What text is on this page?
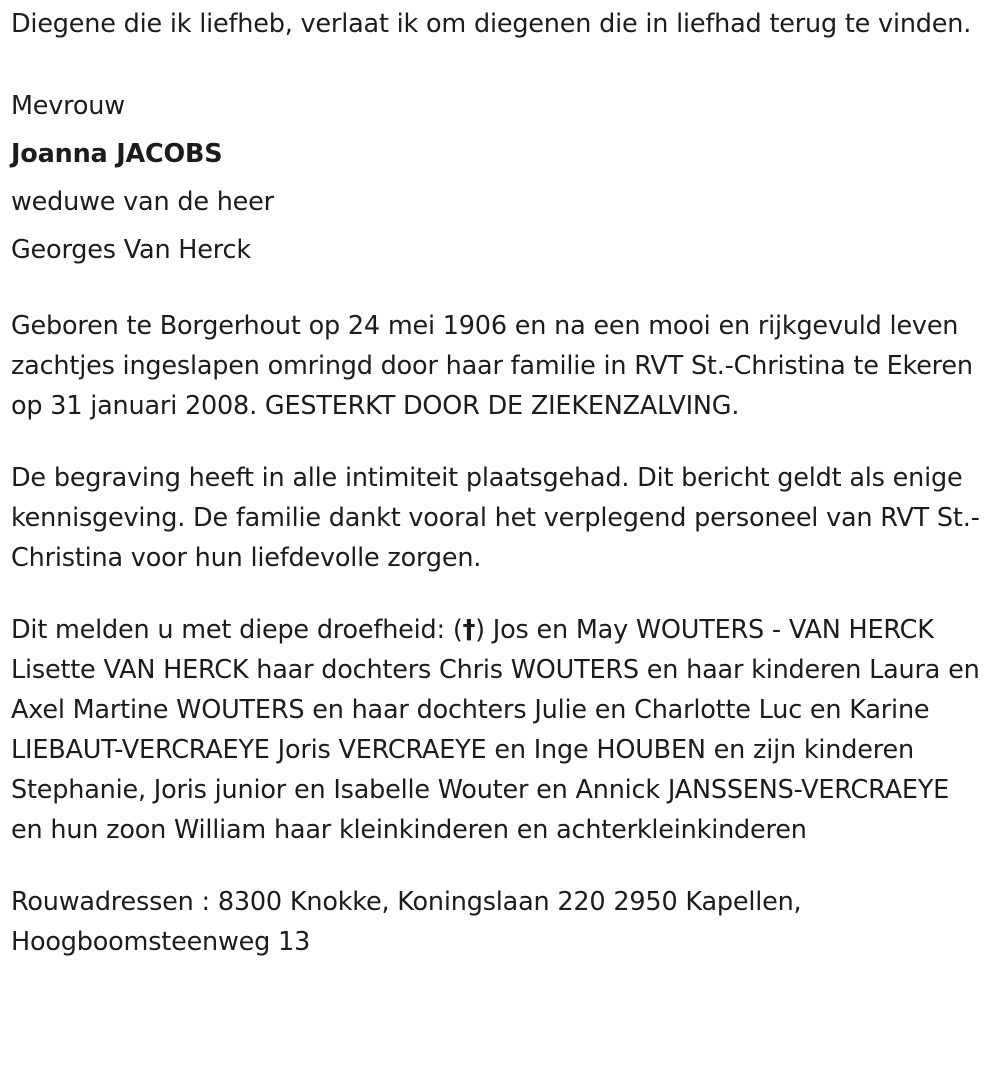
Diegene die ik liefheb, verlaat ik om diegenen die in liefhad terug te vinden.

Mevrouw

Joanna JACOBS

weduwe van de heer

Georges Van Herck

Geboren te Borgerhout op 24 mei 1906 en na een mooi en rijkgevuld leven zachtjes ingeslapen omringd door haar familie in RVT St.-Christina te Ekeren op 31 januari 2008. GESTERKT DOOR DE ZIEKENZALVING.

De begraving heeft in alle intimiteit plaatsgehad. Dit bericht geldt als enige kennisgeving. De familie dankt vooral het verplegend personeel van RVT St.-Christina voor hun liefdevolle zorgen.

Dit melden u met diepe droefheid: (†) Jos en May WOUTERS - VAN HERCK Lisette VAN HERCK haar dochters Chris WOUTERS en haar kinderen Laura en Axel Martine WOUTERS en haar dochters Julie en Charlotte Luc en Karine LIEBAUT-VERCRAEYE Joris VERCRAEYE en Inge HOUBEN en zijn kinderen Stephanie, Joris junior en Isabelle Wouter en Annick JANSSENS-VERCRAEYE en hun zoon William haar kleinkinderen en achterkleinkinderen

Rouwadressen : 8300 Knokke, Koningslaan 220 2950 Kapellen, Hoogboomsteenweg 13
